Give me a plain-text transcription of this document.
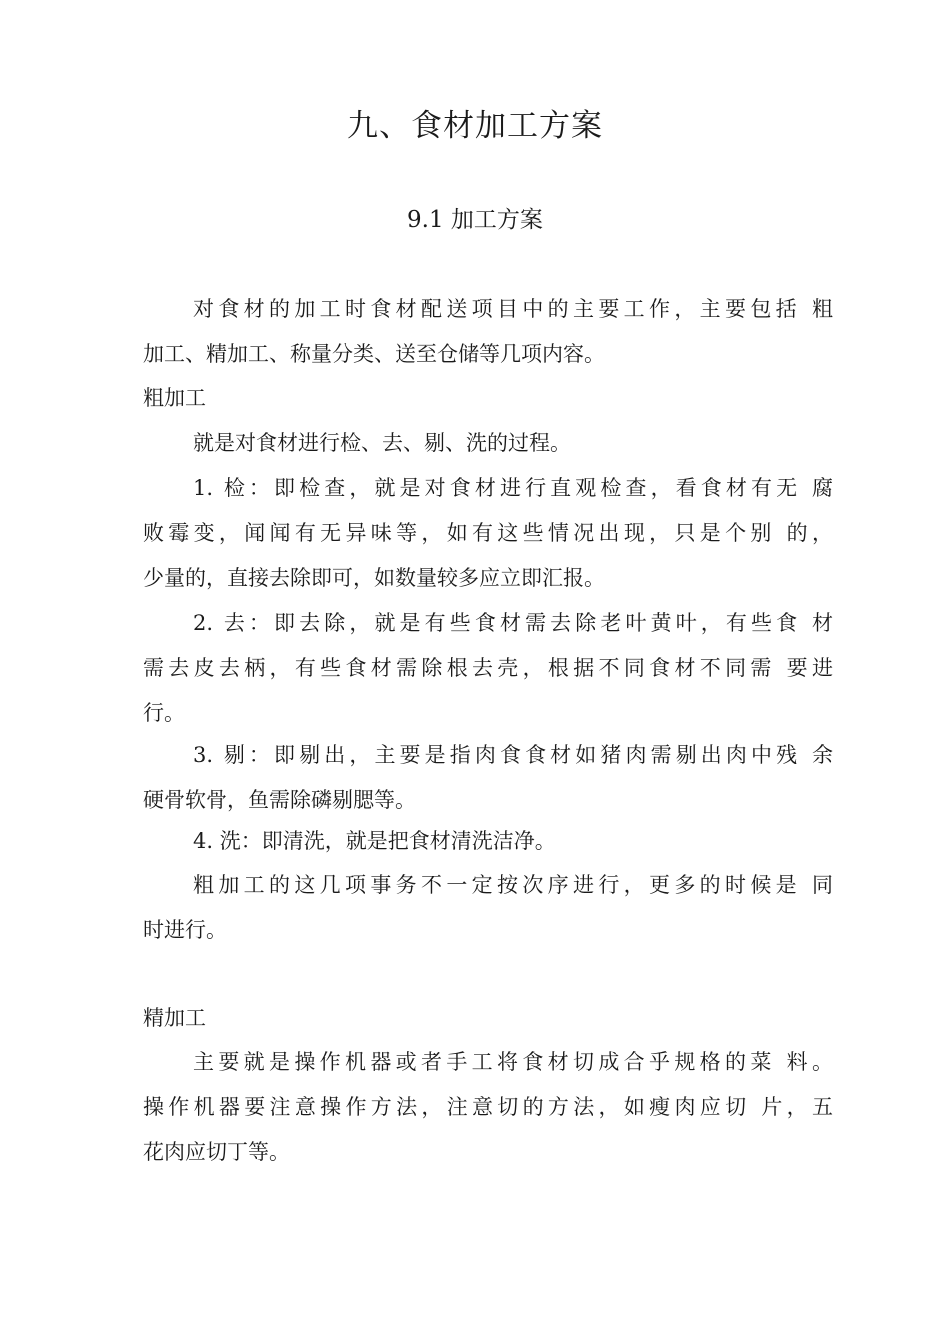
九、食材加工方案
9.1 加工方案
对食材的加工时食材配送项目中的主要工作，主要包括 粗
加工、精加工、称量分类、送至仓储等几项内容。
粗加工
就是对食材进行检、去、剔、洗的过程。
1. 检：即检查，就是对食材进行直观检查，看食材有无 腐
败霉变，闻闻有无异味等，如有这些情况出现，只是个别 的，
少量的，直接去除即可，如数量较多应立即汇报。
2. 去：即去除，就是有些食材需去除老叶黄叶，有些食 材
需去皮去柄，有些食材需除根去壳，根据不同食材不同需 要进
行。
3. 剔：即剔出，主要是指肉食食材如猪肉需剔出肉中残 余
硬骨软骨，鱼需除磷剔腮等。
4. 洗：即清洗，就是把食材清洗洁净。
粗加工的这几项事务不一定按次序进行，更多的时候是 同
时进行。
精加工
主要就是操作机器或者手工将食材切成合乎规格的菜 料。
操作机器要注意操作方法，注意切的方法，如瘦肉应切 片，五
花肉应切丁等。
